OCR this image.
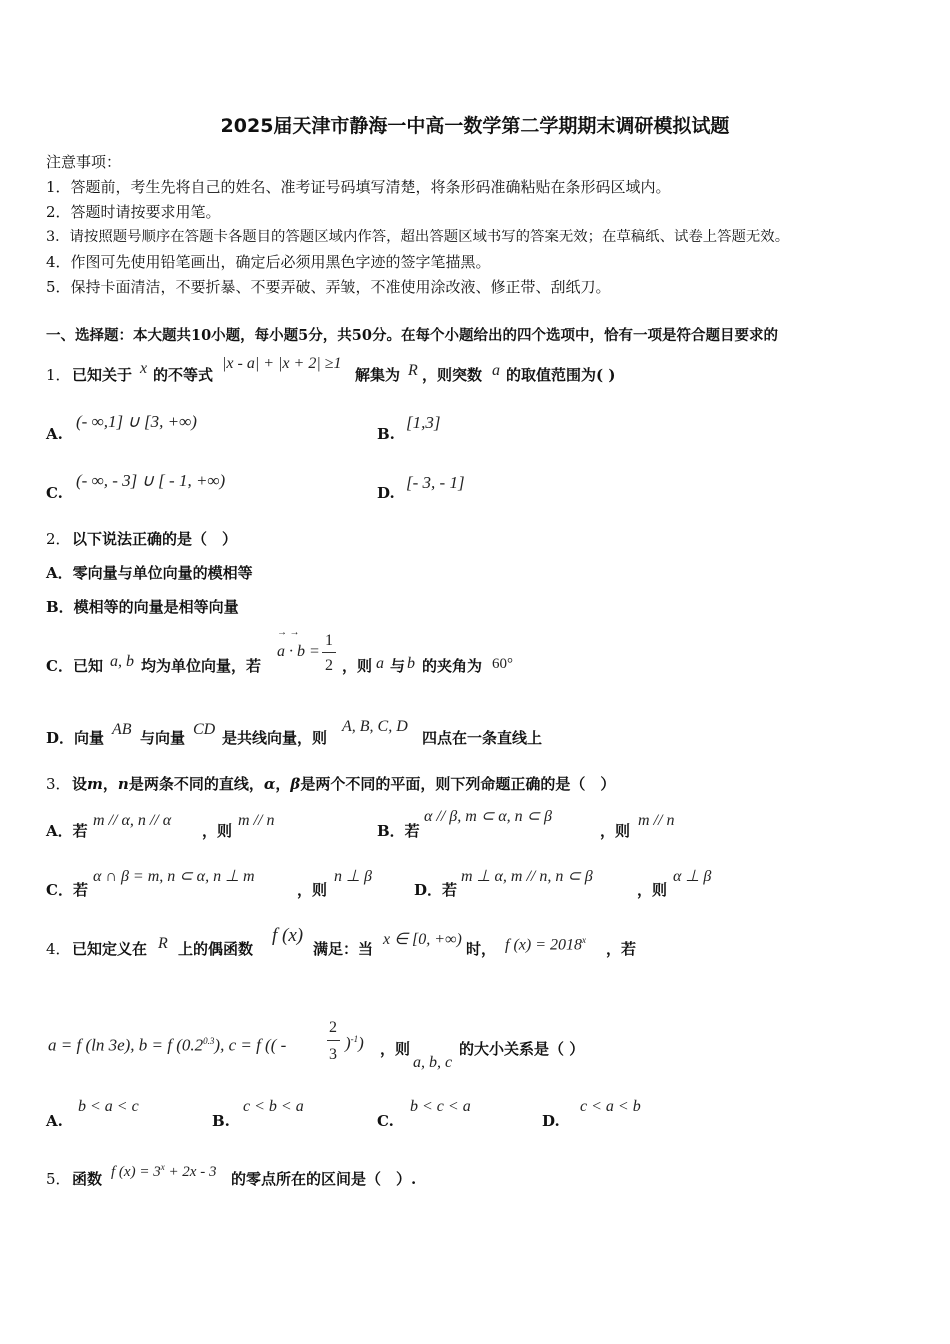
2025届天津市静海一中高一数学第二学期期末调研模拟试题
注意事项：
1．答题前，考生先将自己的姓名、准考证号码填写清楚，将条形码准确粘贴在条形码区域内。
2．答题时请按要求用笔。
3．请按照题号顺序在答题卡各题目的答题区域内作答，超出答题区域书写的答案无效；在草稿纸、试卷上答题无效。
4．作图可先使用铅笔画出，确定后必须用黑色字迹的签字笔描黑。
5．保持卡面清洁，不要折暴、不要弄破、弄皱，不准使用涂改液、修正带、刮纸刀。
一、选择题：本大题共10小题，每小题5分，共50分。在每个小题给出的四个选项中，恰有一项是符合题目要求的
1． 已知关于 x 的不等式
|x - a| + |x + 2| ≥1
解集为 R ，则突数 a 的取值范围为( )
A.
(- ∞,1] ∪ [3, +∞)
B.
[1,3]
C.
(- ∞, - 3] ∪ [ - 1, +∞)
D.
[- 3, - 1]
2． 以下说法正确的是（　）
A．零向量与单位向量的模相等
B．模相等的向量是相等向量
C．已知 a, b 均为单位向量，若
→ →
a · b =
1
2 ，则 a 与 b 的夹角为 60°
D．向量 AB 与向量 CD 是共线向量，则
A, B, C, D
四点在一条直线上
3． 设m，n是两条不同的直线，α，β是两个不同的平面，则下列命题正确的是（　）
A．若
m // α, n // α
，则
m // n
B．若
α // β, m ⊂ α, n ⊂ β
，则
m // n
C．若
α ∩ β = m, n ⊂ α, n ⊥ m
，则
n ⊥ β
D．若
m ⊥ α, m // n, n ⊂ β
，则
α ⊥ β
4． 已知定义在 R 上的偶函数
f (x)
满足：当
x ∈ [0, +∞)
时， f $(x) = 2018^x$ ，若
a = f (ln 3e), b = f $(0.2^{0.3})$, c = f (( -
2
3
)$^{-1}$) ，则
a, b, c
的大小关系是（ ）
A.
b < a < c
B.
c < b < a
C.
b < c < a
D.
c < a < b
5． 函数 f $(x) = 3^x + 2x - 3$ 的零点所在的区间是（　）.
